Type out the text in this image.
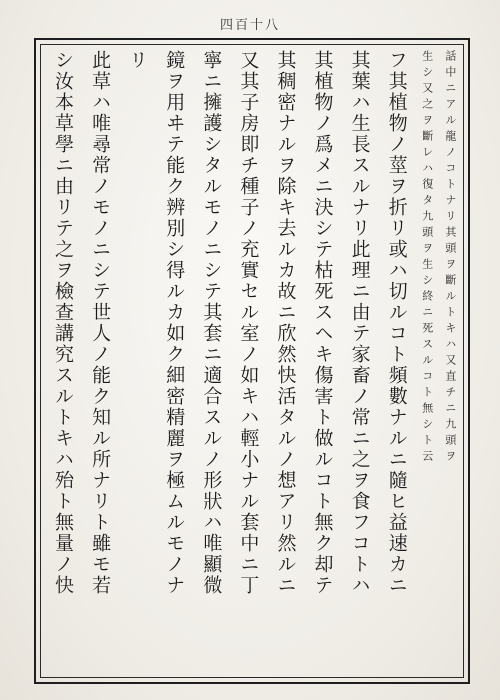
四百十八
話中ニアル龍ノコトナリ其頭ヲ斷ルトキハ又直チニ九頭ヲ
生シ又之ヲ斷レハ復タ九頭ヲ生シ終ニ死スルコト無シト云
フ其植物ノ莖ヲ折リ或ハ切ルコト頻數ナルニ隨ヒ益速カニ
其葉ハ生長スルナリ此理ニ由テ家畜ノ常ニ之ヲ食フコトハ
其植物ノ爲メニ決シテ枯死スヘキ傷害ト做ルコト無ク却テ
其稠密ナルヲ除キ去ルカ故ニ欣然快活タルノ想アリ然ルニ
又其子房即チ種子ノ充實セル室ノ如キハ輕小ナル套中ニ丁
寧ニ擁護シタルモノニシテ其套ニ適合スルノ形狀ハ唯顯微
鏡ヲ用ヰテ能ク辨別シ得ルカ如ク細密精麗ヲ極ムルモノナ
リ
此草ハ唯尋常ノモノニシテ世人ノ能ク知ル所ナリト雖モ若
シ汝本草學ニ由リテ之ヲ檢查講究スルトキハ殆ト無量ノ快
